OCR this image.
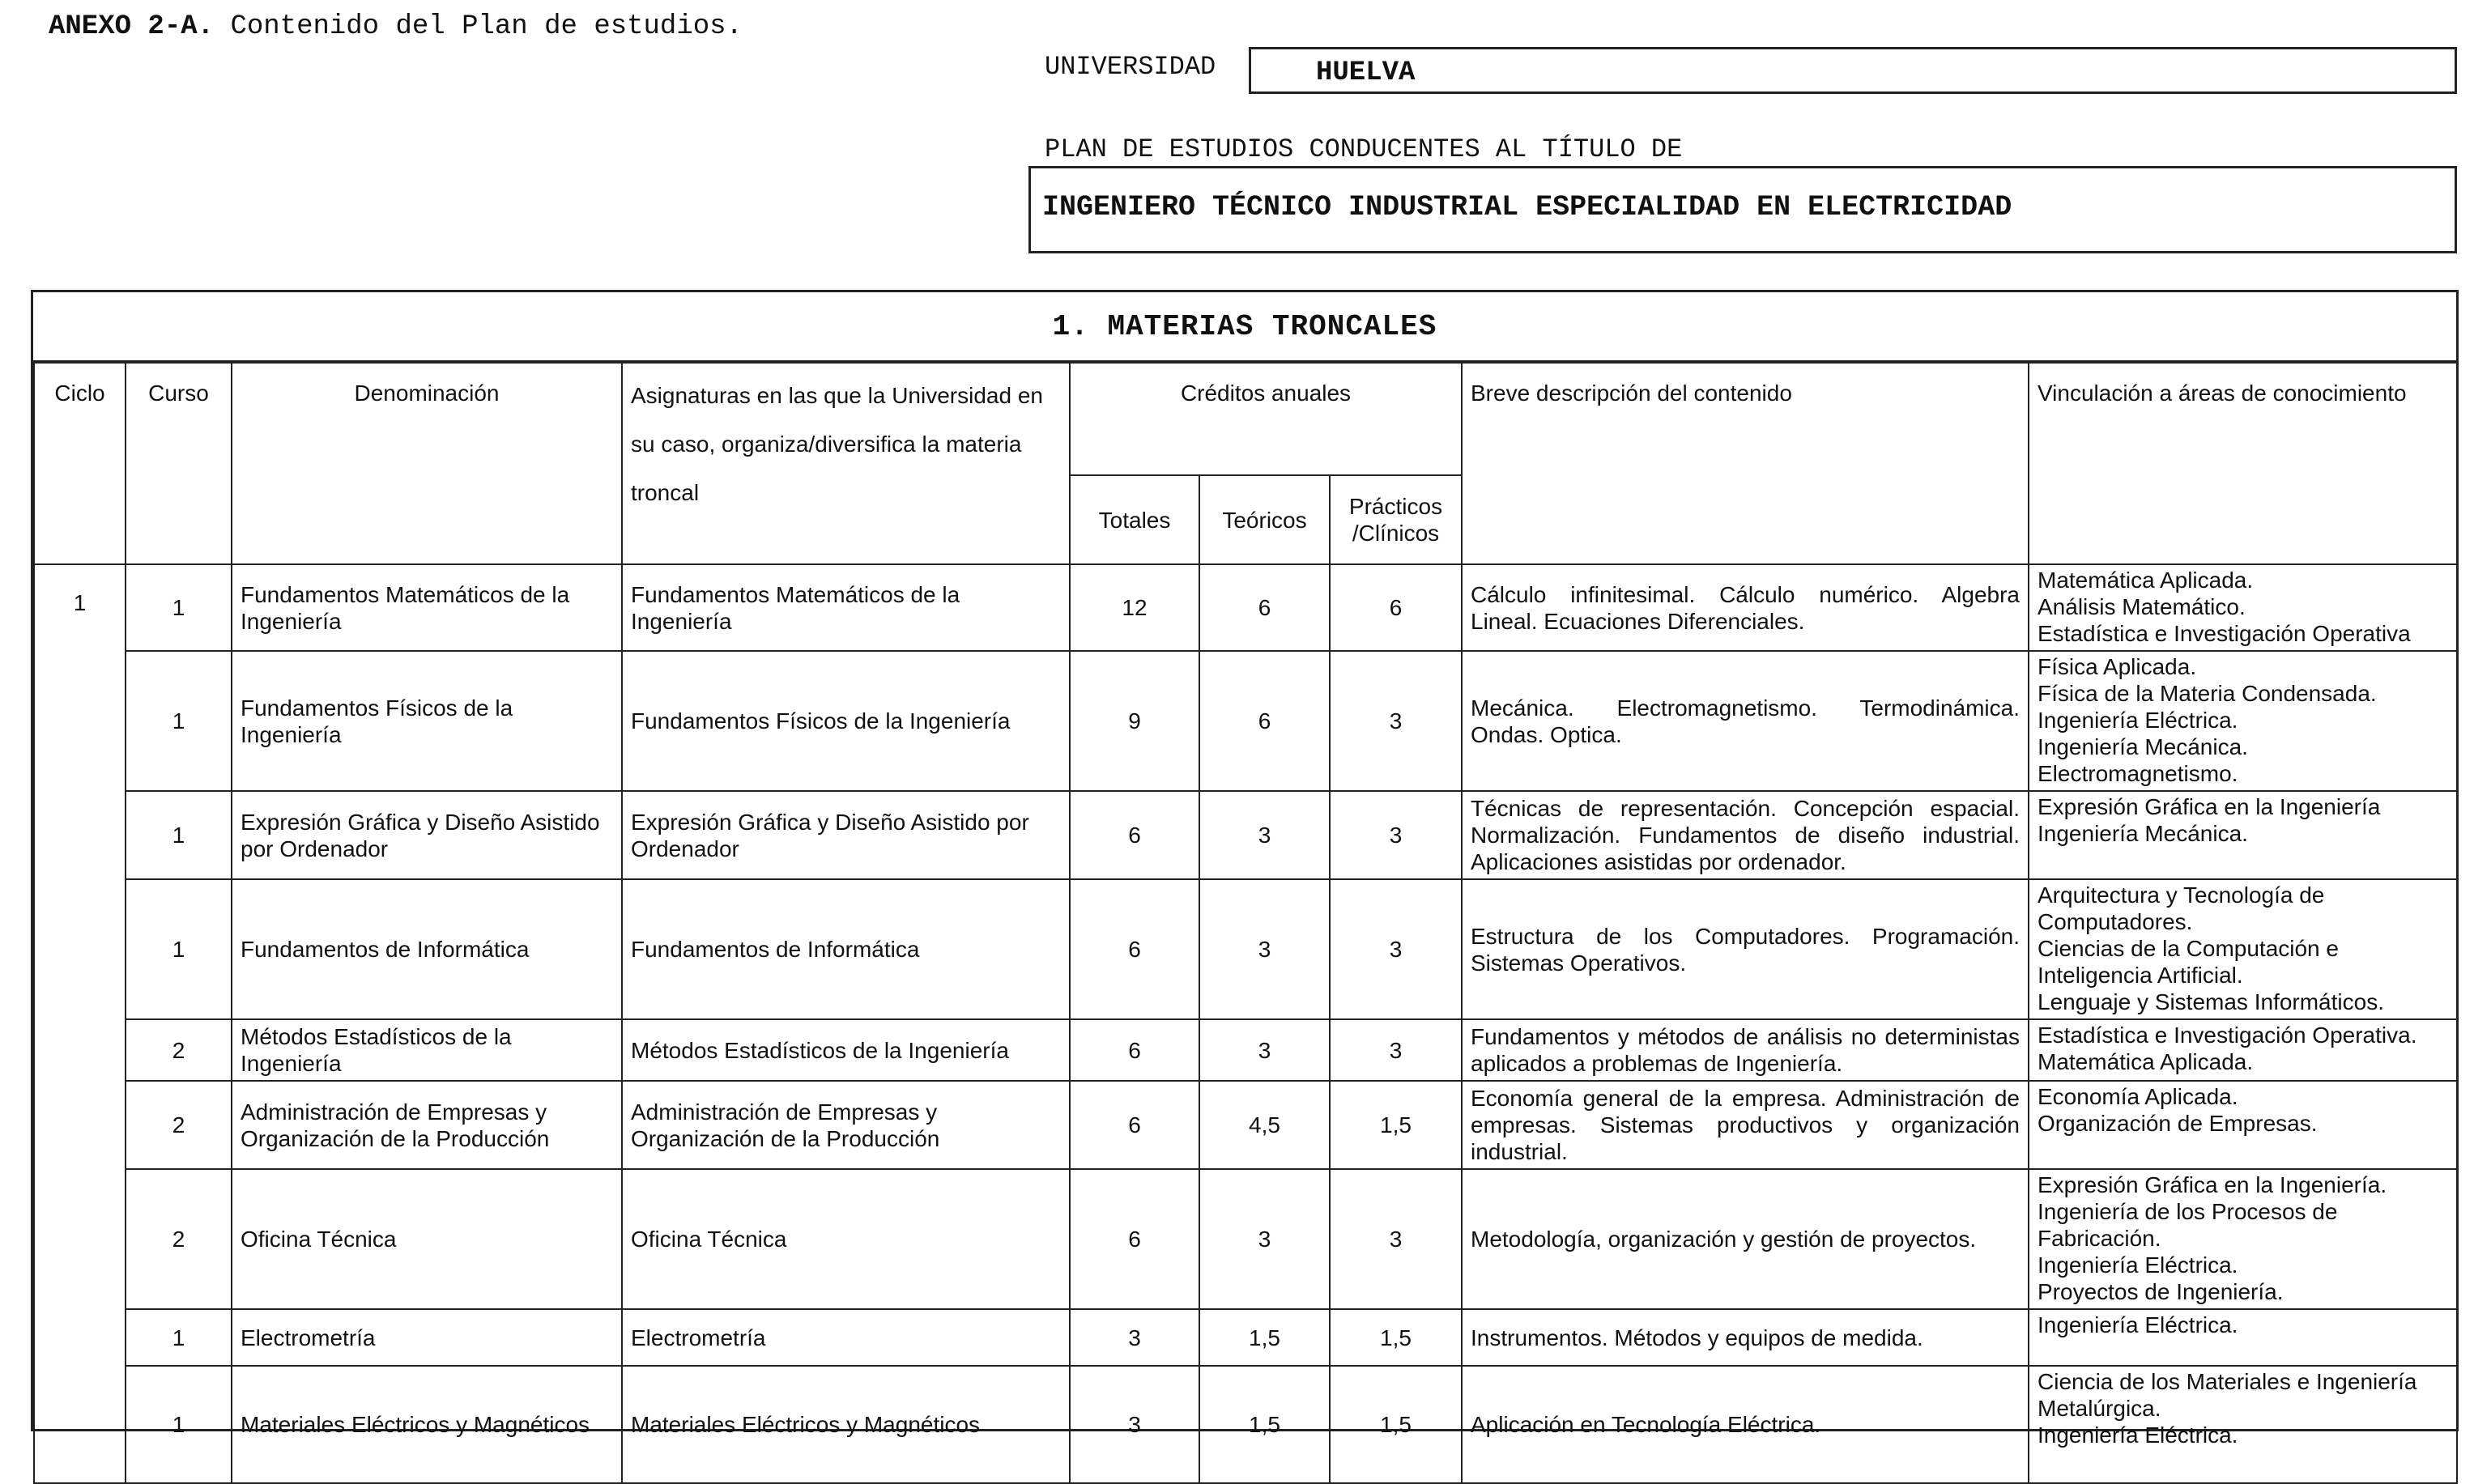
ANEXO 2-A. Contenido del Plan de estudios.
UNIVERSIDAD	HUELVA
PLAN DE ESTUDIOS CONDUCENTES AL TÍTULO DE
INGENIERO TÉCNICO INDUSTRIAL ESPECIALIDAD EN ELECTRICIDAD
1. MATERIAS TRONCALES
Ciclo	Curso	Denominación	Asignaturas en las que la Universidad en su caso, organiza/diversifica la materia troncal	Créditos anuales			Breve descripción del contenido	Vinculación a áreas de conocimiento
				Totales	Teóricos	Prácticos /Clínicos		
1	1	Fundamentos Matemáticos de la Ingeniería	Fundamentos Matemáticos de la Ingeniería	12	6	6	Cálculo infinitesimal. Cálculo numérico. Algebra Lineal. Ecuaciones Diferenciales.	Matemática Aplicada.
Análisis Matemático.
Estadística e Investigación Operativa

	1	Fundamentos Físicos de la Ingeniería	Fundamentos Físicos de la Ingeniería	9	6	3	Mecánica. Electromagnetismo. Termodinámica. Ondas. Optica.	Física Aplicada.
Física de la Materia Condensada.
Ingeniería Eléctrica.
Ingeniería Mecánica.
Electromagnetismo.

	1	Expresión Gráfica y Diseño Asistido por Ordenador	Expresión Gráfica y Diseño Asistido por Ordenador	6	3	3	Técnicas de representación. Concepción espacial. Normalización. Fundamentos de diseño industrial. Aplicaciones asistidas por ordenador.	Expresión Gráfica en la Ingeniería
Ingeniería Mecánica.

	1	Fundamentos de Informática	Fundamentos de Informática	6	3	3	Estructura de los Computadores. Programación. Sistemas Operativos.	Arquitectura y Tecnología de Computadores.
Ciencias de la Computación e Inteligencia Artificial.
Lenguaje y Sistemas Informáticos.

	2	Métodos Estadísticos de la Ingeniería	Métodos Estadísticos de la Ingeniería	6	3	3	Fundamentos y métodos de análisis no deterministas aplicados a problemas de Ingeniería.	Estadística e Investigación Operativa.
Matemática Aplicada.

	2	Administración de Empresas y Organización de la Producción	Administración de Empresas y Organización de la Producción	6	4,5	1,5	Economía general de la empresa. Administración de empresas. Sistemas productivos y organización industrial.	Economía Aplicada.
Organización de Empresas.

	2	Oficina Técnica	Oficina Técnica	6	3	3	Metodología, organización y gestión de proyectos.	Expresión Gráfica en la Ingeniería.
Ingeniería de los Procesos de Fabricación.
Ingeniería Eléctrica.
Proyectos de Ingeniería.

	1	Electrometría	Electrometría	3	1,5	1,5	Instrumentos. Métodos y equipos de medida.	Ingeniería Eléctrica.

	1	Materiales Eléctricos y Magnéticos	Materiales Eléctricos y Magnéticos	3	1,5	1,5	Aplicación en Tecnología Eléctrica.	Ciencia de los Materiales e Ingeniería Metalúrgica.
Ingeniería Eléctrica.
